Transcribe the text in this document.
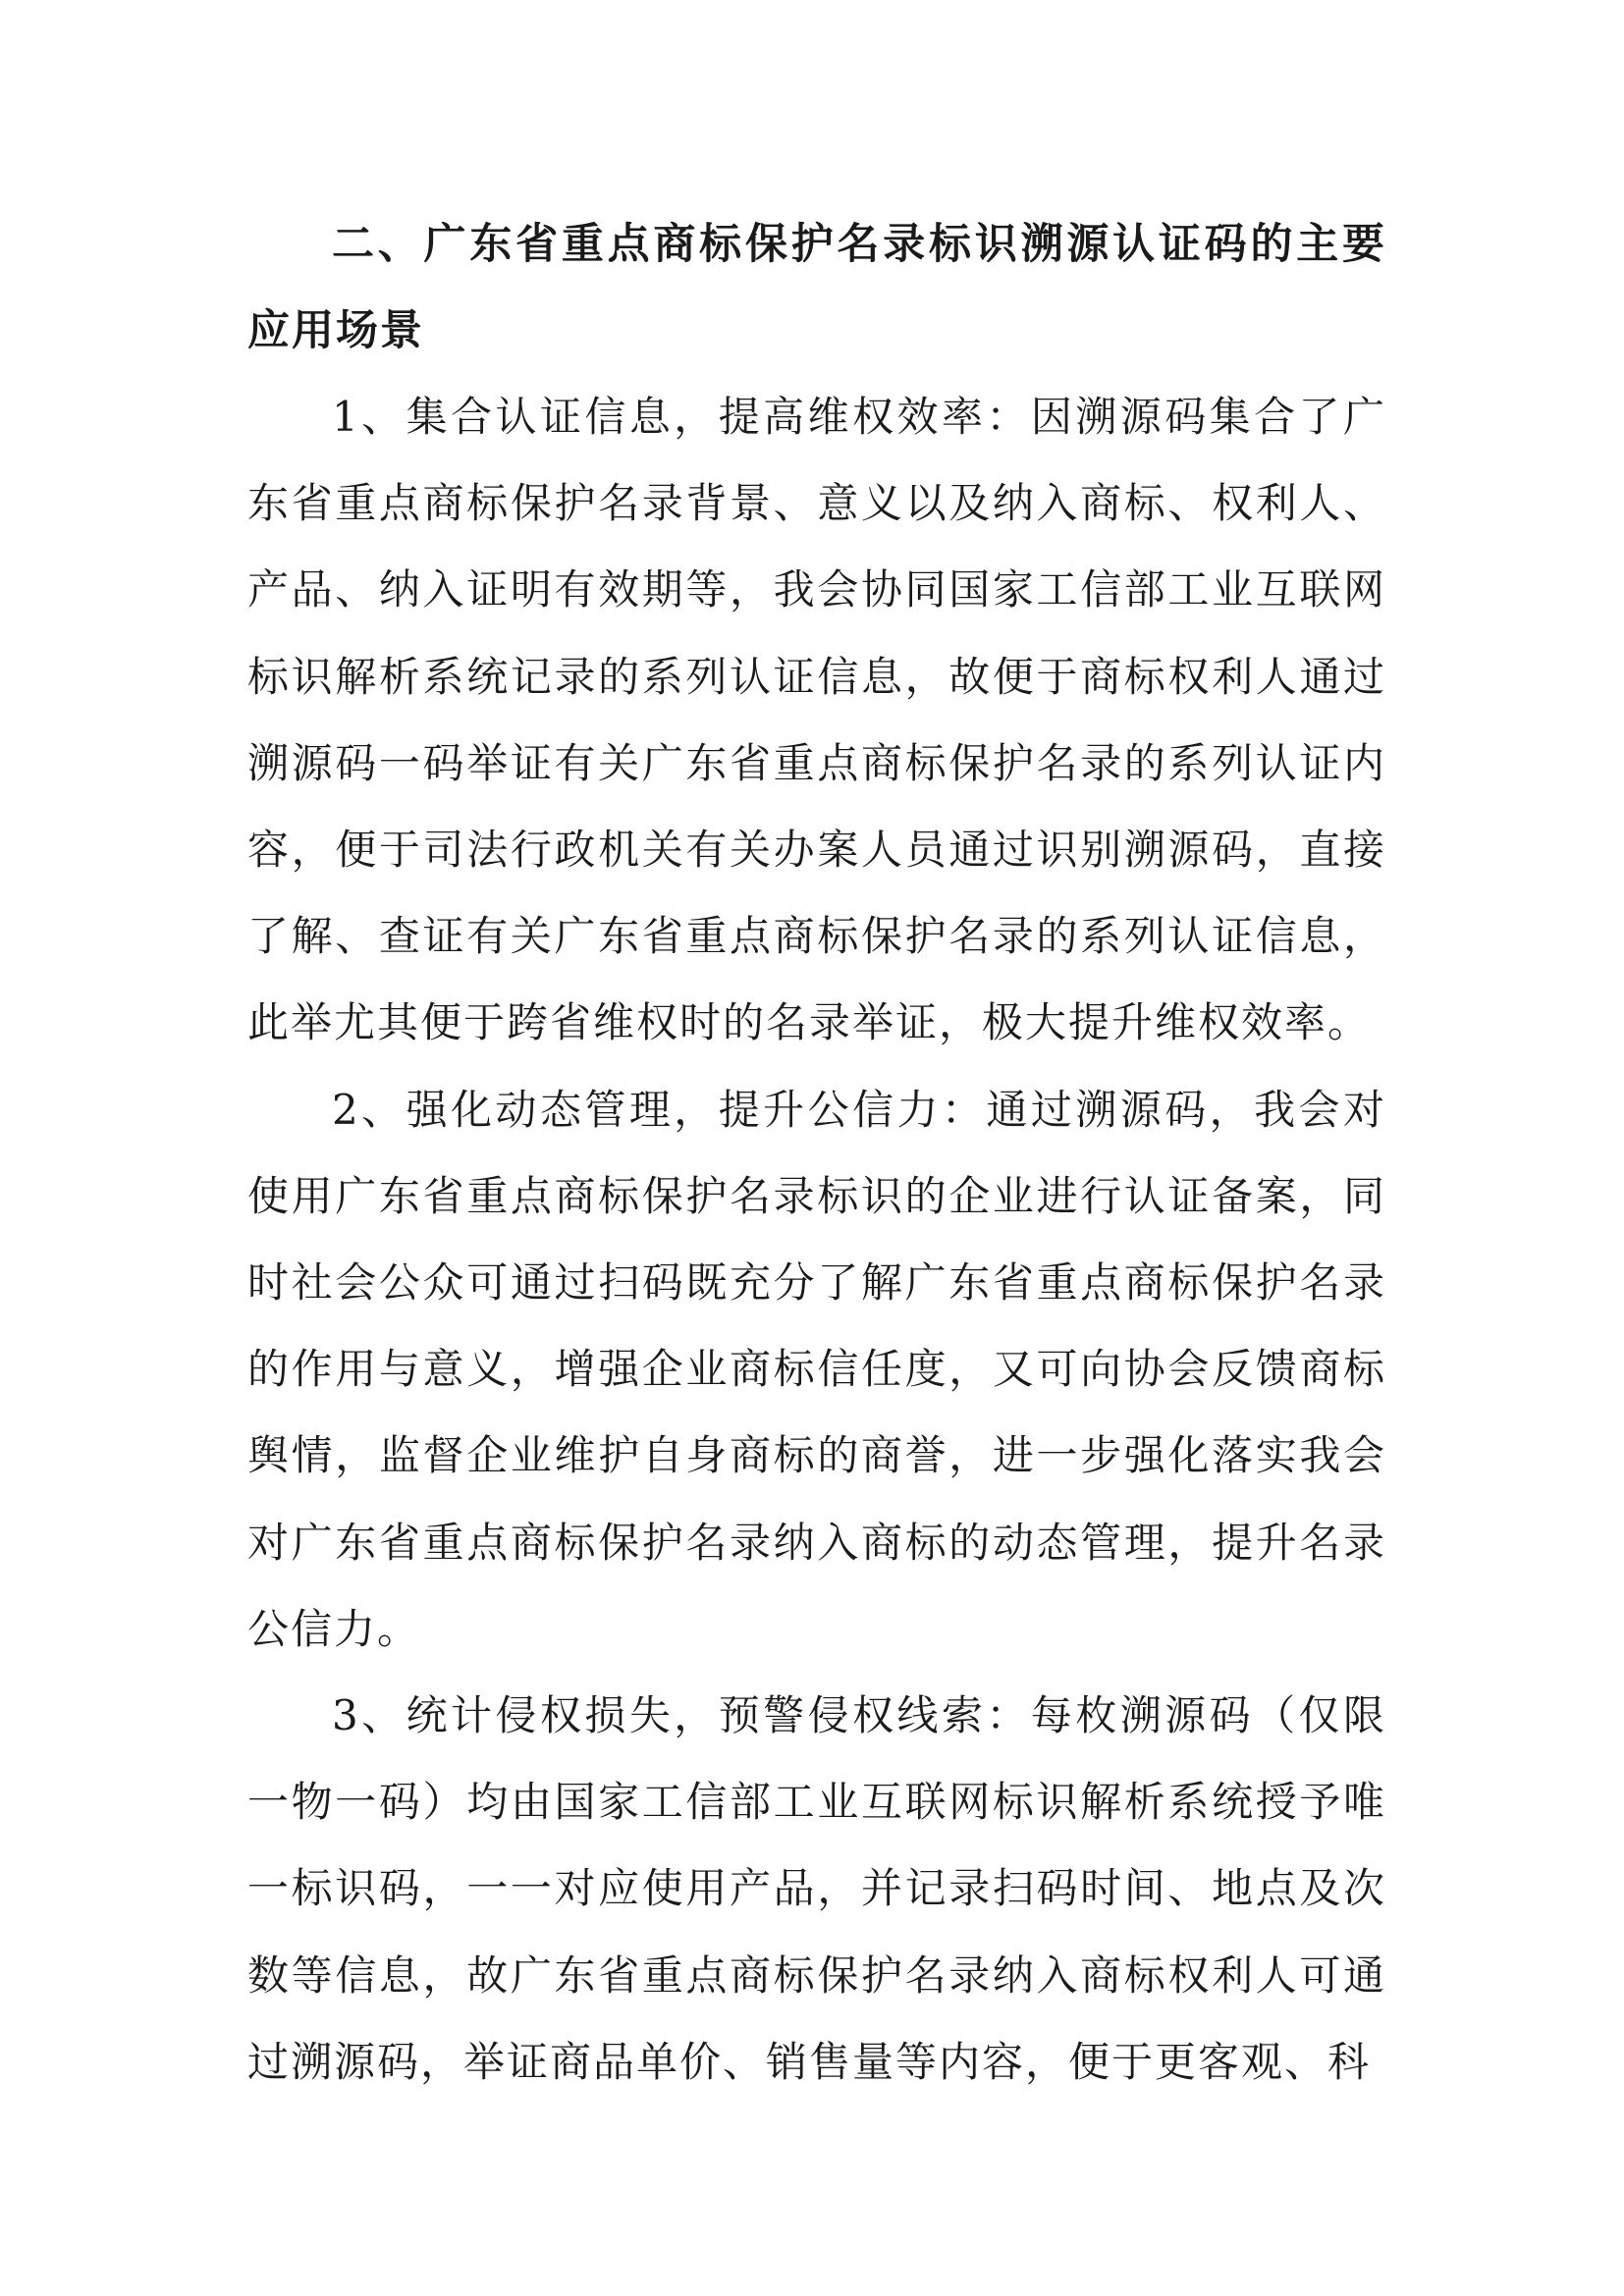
二、广东省重点商标保护名录标识溯源认证码的主要应用场景

1、集合认证信息，提高维权效率：因溯源码集合了广东省重点商标保护名录背景、意义以及纳入商标、权利人、产品、纳入证明有效期等，我会协同国家工信部工业互联网标识解析系统记录的系列认证信息，故便于商标权利人通过溯源码一码举证有关广东省重点商标保护名录的系列认证内容，便于司法行政机关有关办案人员通过识别溯源码，直接了解、查证有关广东省重点商标保护名录的系列认证信息，此举尤其便于跨省维权时的名录举证，极大提升维权效率。

2、强化动态管理，提升公信力：通过溯源码，我会对使用广东省重点商标保护名录标识的企业进行认证备案，同时社会公众可通过扫码既充分了解广东省重点商标保护名录的作用与意义，增强企业商标信任度，又可向协会反馈商标舆情，监督企业维护自身商标的商誉，进一步强化落实我会对广东省重点商标保护名录纳入商标的动态管理，提升名录公信力。

3、统计侵权损失，预警侵权线索：每枚溯源码（仅限一物一码）均由国家工信部工业互联网标识解析系统授予唯一标识码，一一对应使用产品，并记录扫码时间、地点及次数等信息，故广东省重点商标保护名录纳入商标权利人可通过溯源码，举证商品单价、销售量等内容，便于更客观、科
